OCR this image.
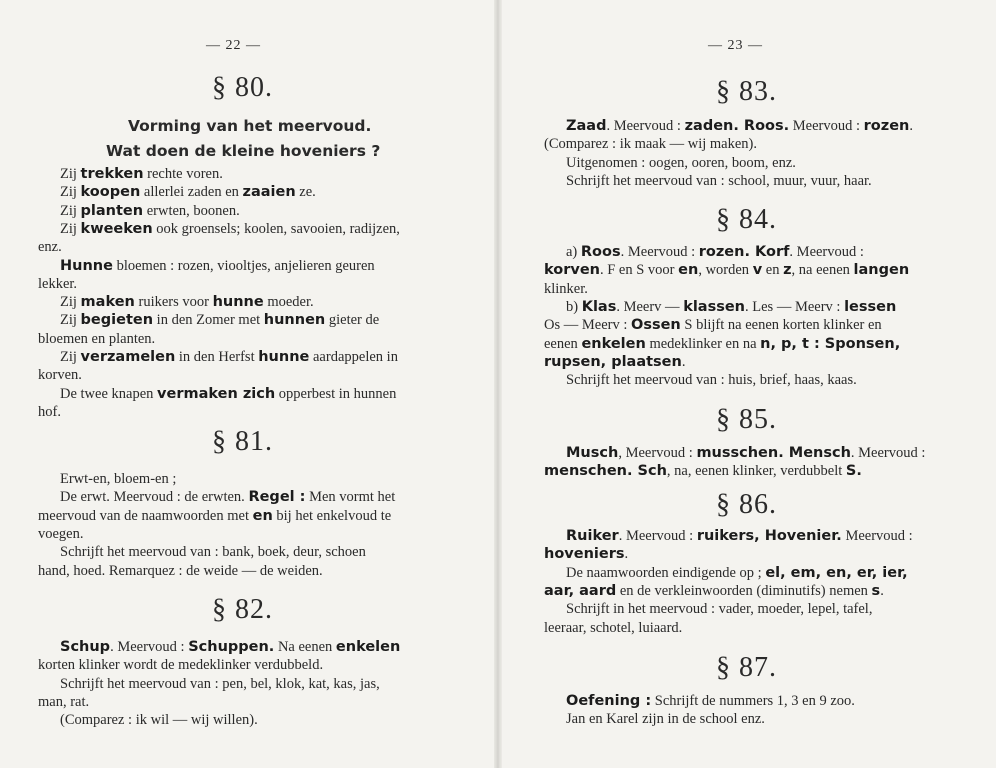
— 22 —
§ 80.
Vorming van het meervoud.
Wat doen de kleine hoveniers ?
Zij trekken rechte voren.
Zij koopen allerlei zaden en zaaien ze.
Zij planten erwten, boonen.
Zij kweeken ook groensels; koolen, savooien, radijzen,
enz.
Hunne bloemen : rozen, viooltjes, anjelieren geuren
lekker.
Zij maken ruikers voor hunne moeder.
Zij begieten in den Zomer met hunnen gieter de
bloemen en planten.
Zij verzamelen in den Herfst hunne aardappelen in
korven.
De twee knapen vermaken zich opperbest in hunnen
hof.
§ 81.
Erwt-en, bloem-en ;
De erwt. Meervoud : de erwten. Regel : Men vormt het
meervoud van de naamwoorden met en bij het enkelvoud te
voegen.
Schrijft het meervoud van : bank, boek, deur, schoen
hand, hoed. Remarquez : de weide — de weiden.
§ 82.
Schup. Meervoud : Schuppen. Na eenen enkelen
korten klinker wordt de medeklinker verdubbeld.
Schrijft het meervoud van : pen, bel, klok, kat, kas, jas,
man, rat.
(Comparez : ik wil — wij willen).
— 23 —
§ 83.
Zaad. Meervoud : zaden. Roos. Meervoud : rozen.
(Comparez : ik maak — wij maken).
Uitgenomen : oogen, ooren, boom, enz.
Schrijft het meervoud van : school, muur, vuur, haar.
§ 84.
a) Roos. Meervoud : rozen. Korf. Meervoud :
korven. F en S voor en, worden v en z, na eenen langen
klinker.
b) Klas. Meerv — klassen. Les — Meerv : lessen
Os — Meerv : Ossen S blijft na eenen korten klinker en
eenen enkelen medeklinker en na n, p, t : Sponsen,
rupsen, plaatsen.
Schrijft het meervoud van : huis, brief, haas, kaas.
§ 85.
Musch, Meervoud : musschen. Mensch. Meervoud :
menschen. Sch, na, eenen klinker, verdubbelt S.
§ 86.
Ruiker. Meervoud : ruikers, Hovenier. Meervoud :
hoveniers.
De naamwoorden eindigende op ; el, em, en, er, ier,
aar, aard en de verkleinwoorden (diminutifs) nemen s.
Schrijft in het meervoud : vader, moeder, lepel, tafel,
leeraar, schotel, luiaard.
§ 87.
Oefening : Schrijft de nummers 1, 3 en 9 zoo.
Jan en Karel zijn in de school enz.
